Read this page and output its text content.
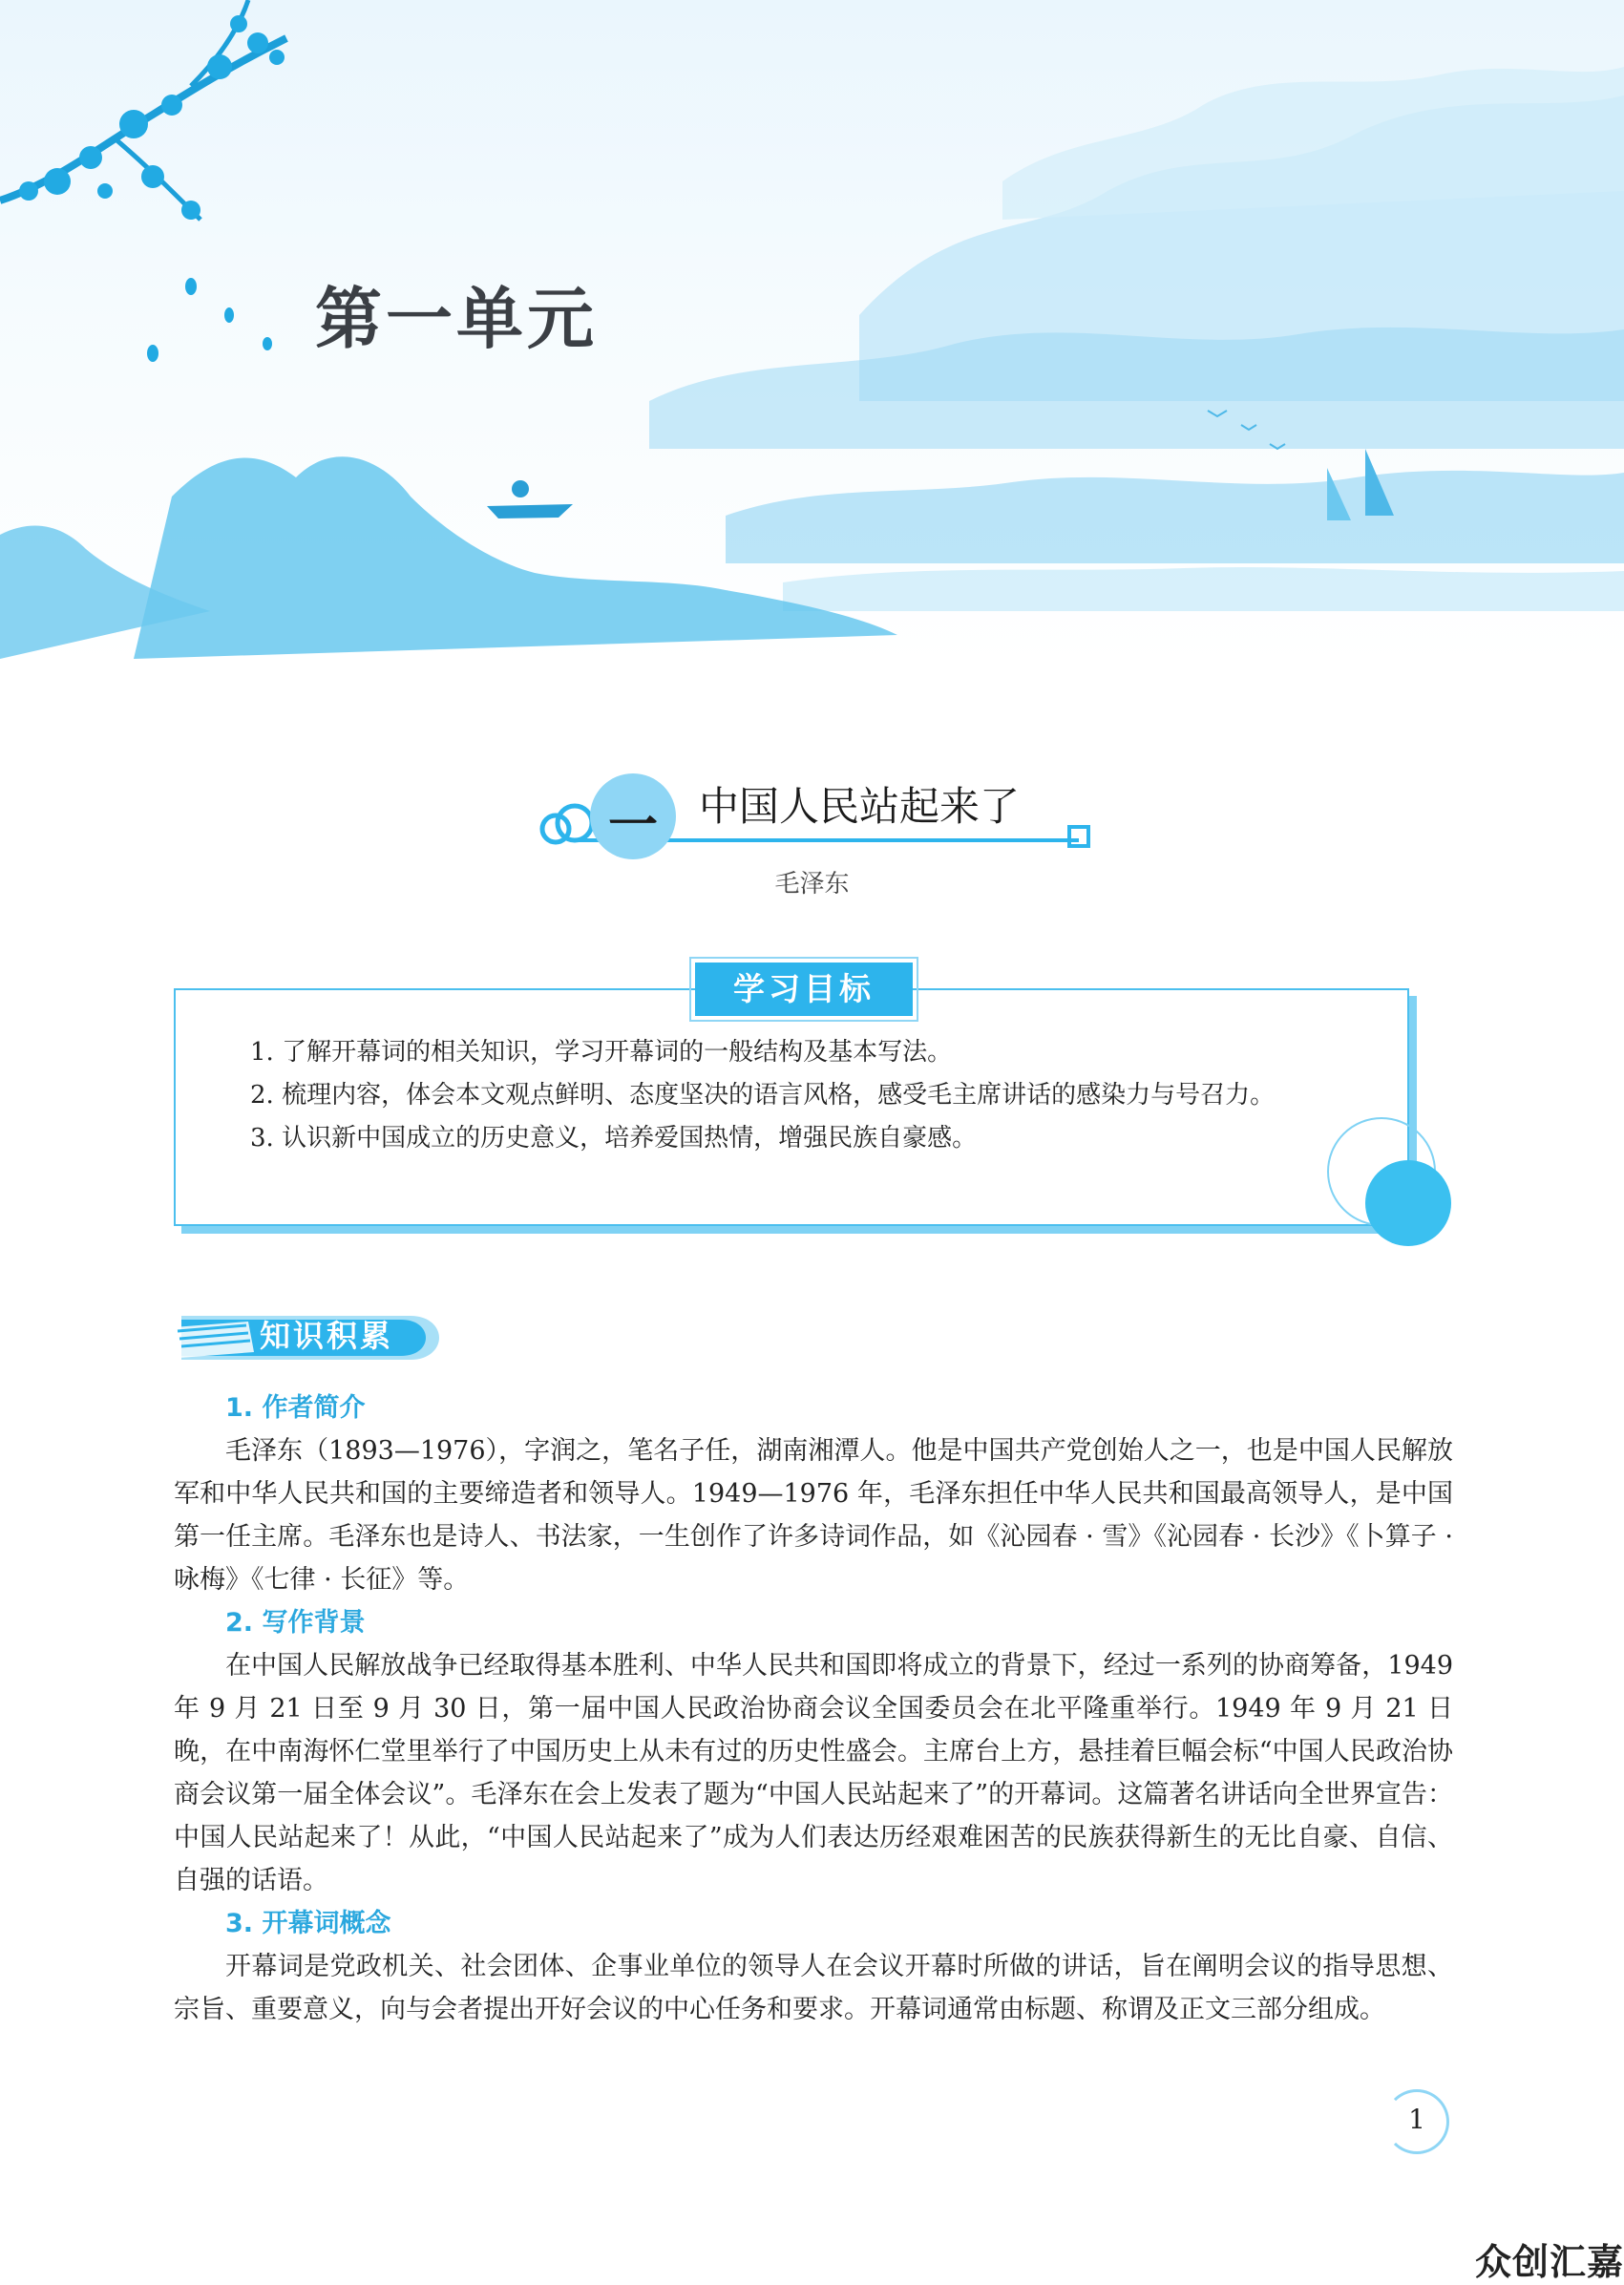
第一单元
一	中国人民站起来了
毛泽东
学习目标

1. 了解开幕词的相关知识，学习开幕词的一般结构及基本写法。

2. 梳理内容，体会本文观点鲜明、态度坚决的语言风格，感受毛主席讲话的感染力与号召力。

3. 认识新中国成立的历史意义，培养爱国热情，增强民族自豪感。

知识积累
1. 作者简介

毛泽东（1893—1976），字润之，笔名子任，湖南湘潭人。他是中国共产党创始人之一，也是中国人民解放军和中华人民共和国的主要缔造者和领导人。1949—1976 年，毛泽东担任中华人民共和国最高领导人，是中国第一任主席。毛泽东也是诗人、书法家，一生创作了许多诗词作品，如《沁园春 · 雪》《沁园春 · 长沙》《卜算子 · 咏梅》《七律 · 长征》等。

2. 写作背景

在中国人民解放战争已经取得基本胜利、中华人民共和国即将成立的背景下，经过一系列的协商筹备，1949 年 9 月 21 日至 9 月 30 日，第一届中国人民政治协商会议全国委员会在北平隆重举行。1949 年 9 月 21 日晚，在中南海怀仁堂里举行了中国历史上从未有过的历史性盛会。主席台上方，悬挂着巨幅会标“中国人民政治协商会议第一届全体会议”。毛泽东在会上发表了题为“中国人民站起来了”的开幕词。这篇著名讲话向全世界宣告：中国人民站起来了！从此，“中国人民站起来了”成为人们表达历经艰难困苦的民族获得新生的无比自豪、自信、自强的话语。

3. 开幕词概念

开幕词是党政机关、社会团体、企事业单位的领导人在会议开幕时所做的讲话，旨在阐明会议的指导思想、宗旨、重要意义，向与会者提出开好会议的中心任务和要求。开幕词通常由标题、称谓及正文三部分组成。

1
众创汇嘉
